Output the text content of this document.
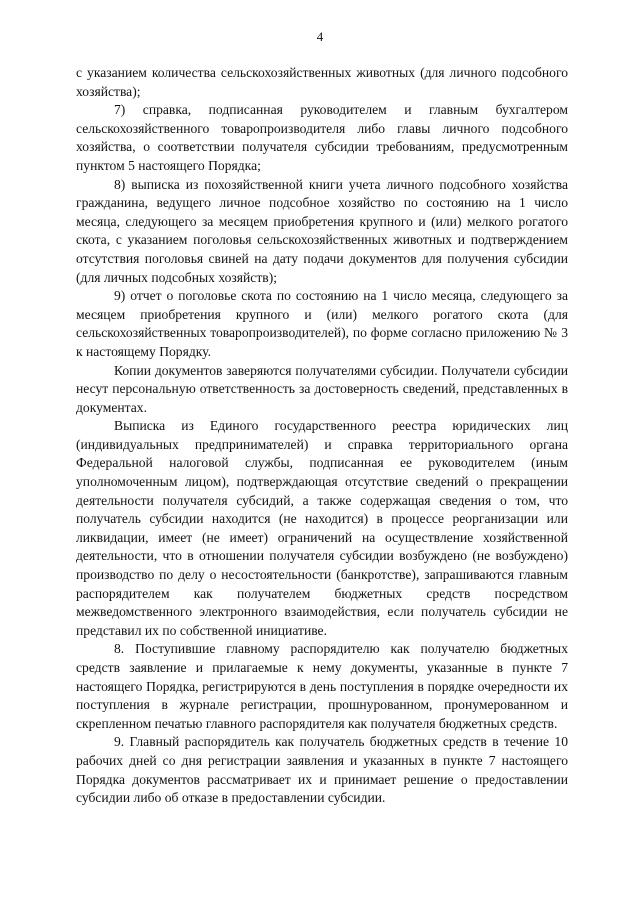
4

с указанием количества сельскохозяйственных животных (для личного подсобного хозяйства);

7) справка, подписанная руководителем и главным бухгалтером сельскохозяйственного товаропроизводителя либо главы личного подсобного хозяйства, о соответствии получателя субсидии требованиям, предусмотренным пунктом 5 настоящего Порядка;

8) выписка из похозяйственной книги учета личного подсобного хозяйства гражданина, ведущего личное подсобное хозяйство по состоянию на 1 число месяца, следующего за месяцем приобретения крупного и (или) мелкого рогатого скота, с указанием поголовья сельскохозяйственных животных и подтверждением отсутствия поголовья свиней на дату подачи документов для получения субсидии (для личных подсобных хозяйств);

9) отчет о поголовье скота по состоянию на 1 число месяца, следующего за месяцем приобретения крупного и (или) мелкого рогатого скота (для сельскохозяйственных товаропроизводителей), по форме согласно приложению № 3 к настоящему Порядку.

Копии документов заверяются получателями субсидии. Получатели субсидии несут персональную ответственность за достоверность сведений, представленных в документах.

Выписка из Единого государственного реестра юридических лиц (индивидуальных предпринимателей) и справка территориального органа Федеральной налоговой службы, подписанная ее руководителем (иным уполномоченным лицом), подтверждающая отсутствие сведений о прекращении деятельности получателя субсидий, а также содержащая сведения о том, что получатель субсидии находится (не находится) в процессе реорганизации или ликвидации, имеет (не имеет) ограничений на осуществление хозяйственной деятельности, что в отношении получателя субсидии возбуждено (не возбуждено) производство по делу о несостоятельности (банкротстве), запрашиваются главным распорядителем как получателем бюджетных средств посредством межведомственного электронного взаимодействия, если получатель субсидии не представил их по собственной инициативе.

8. Поступившие главному распорядителю как получателю бюджетных средств заявление и прилагаемые к нему документы, указанные в пункте 7 настоящего Порядка, регистрируются в день поступления в порядке очередности их поступления в журнале регистрации, прошнурованном, пронумерованном и скрепленном печатью главного распорядителя как получателя бюджетных средств.

9. Главный распорядитель как получатель бюджетных средств в течение 10 рабочих дней со дня регистрации заявления и указанных в пункте 7 настоящего Порядка документов рассматривает их и принимает решение о предоставлении субсидии либо об отказе в предоставлении субсидии.
